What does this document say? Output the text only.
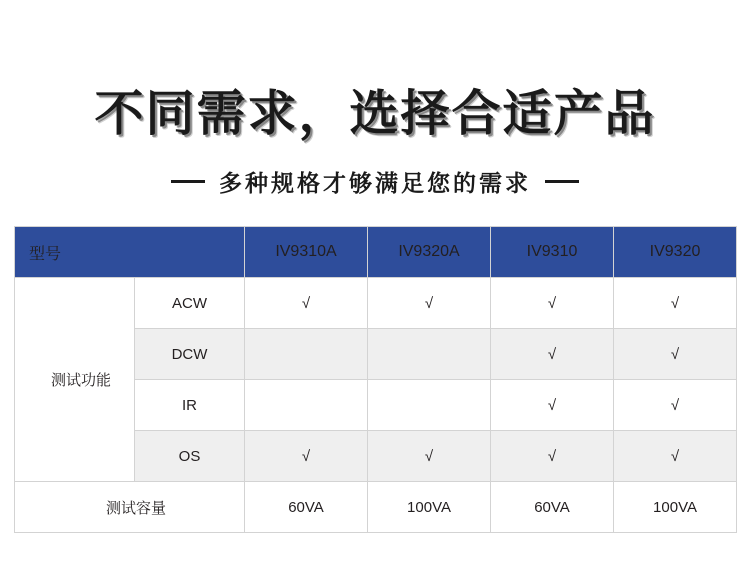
不同需求，选择合适产品
多种规格才够满足您的需求
型号		IV9310A	IV9320A	IV9310	IV9320
测试功能	ACW	√	√	√	√
	DCW			√	√
	IR			√	√
	OS	√	√	√	√
测试容量		60VA	100VA	60VA	100VA
